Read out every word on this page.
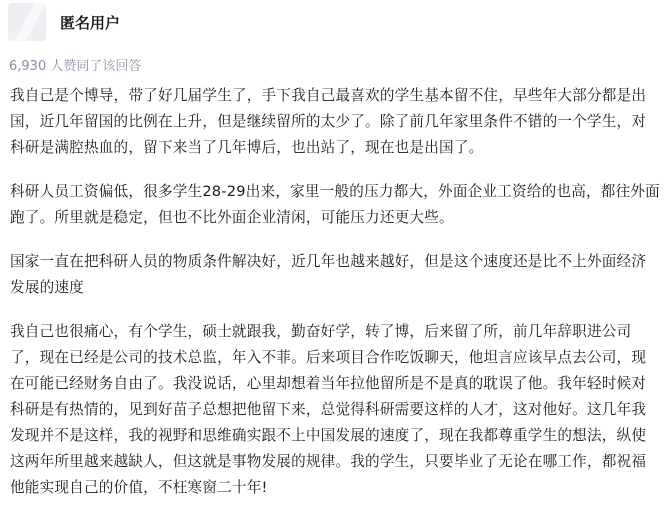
匿名用户
6,930 人赞同了该回答

我自己是个博导，带了好几届学生了，手下我自己最喜欢的学生基本留不住，早些年大部分都是出国，近几年留国的比例在上升，但是继续留所的太少了。除了前几年家里条件不错的一个学生，对科研是满腔热血的，留下来当了几年博后，也出站了，现在也是出国了。

科研人员工资偏低，很多学生28-29出来，家里一般的压力都大，外面企业工资给的也高，都往外面跑了。所里就是稳定，但也不比外面企业清闲，可能压力还更大些。

国家一直在把科研人员的物质条件解决好，近几年也越来越好，但是这个速度还是比不上外面经济发展的速度

我自己也很痛心，有个学生，硕士就跟我，勤奋好学，转了博，后来留了所，前几年辞职进公司了，现在已经是公司的技术总监，年入不菲。后来项目合作吃饭聊天，他坦言应该早点去公司，现在可能已经财务自由了。我没说话，心里却想着当年拉他留所是不是真的耽误了他。我年轻时候对科研是有热情的，见到好苗子总想把他留下来，总觉得科研需要这样的人才，这对他好。这几年我发现并不是这样，我的视野和思维确实跟不上中国发展的速度了，现在我都尊重学生的想法，纵使这两年所里越来越缺人，但这就是事物发展的规律。我的学生，只要毕业了无论在哪工作，都祝福他能实现自己的价值，不枉寒窗二十年!
